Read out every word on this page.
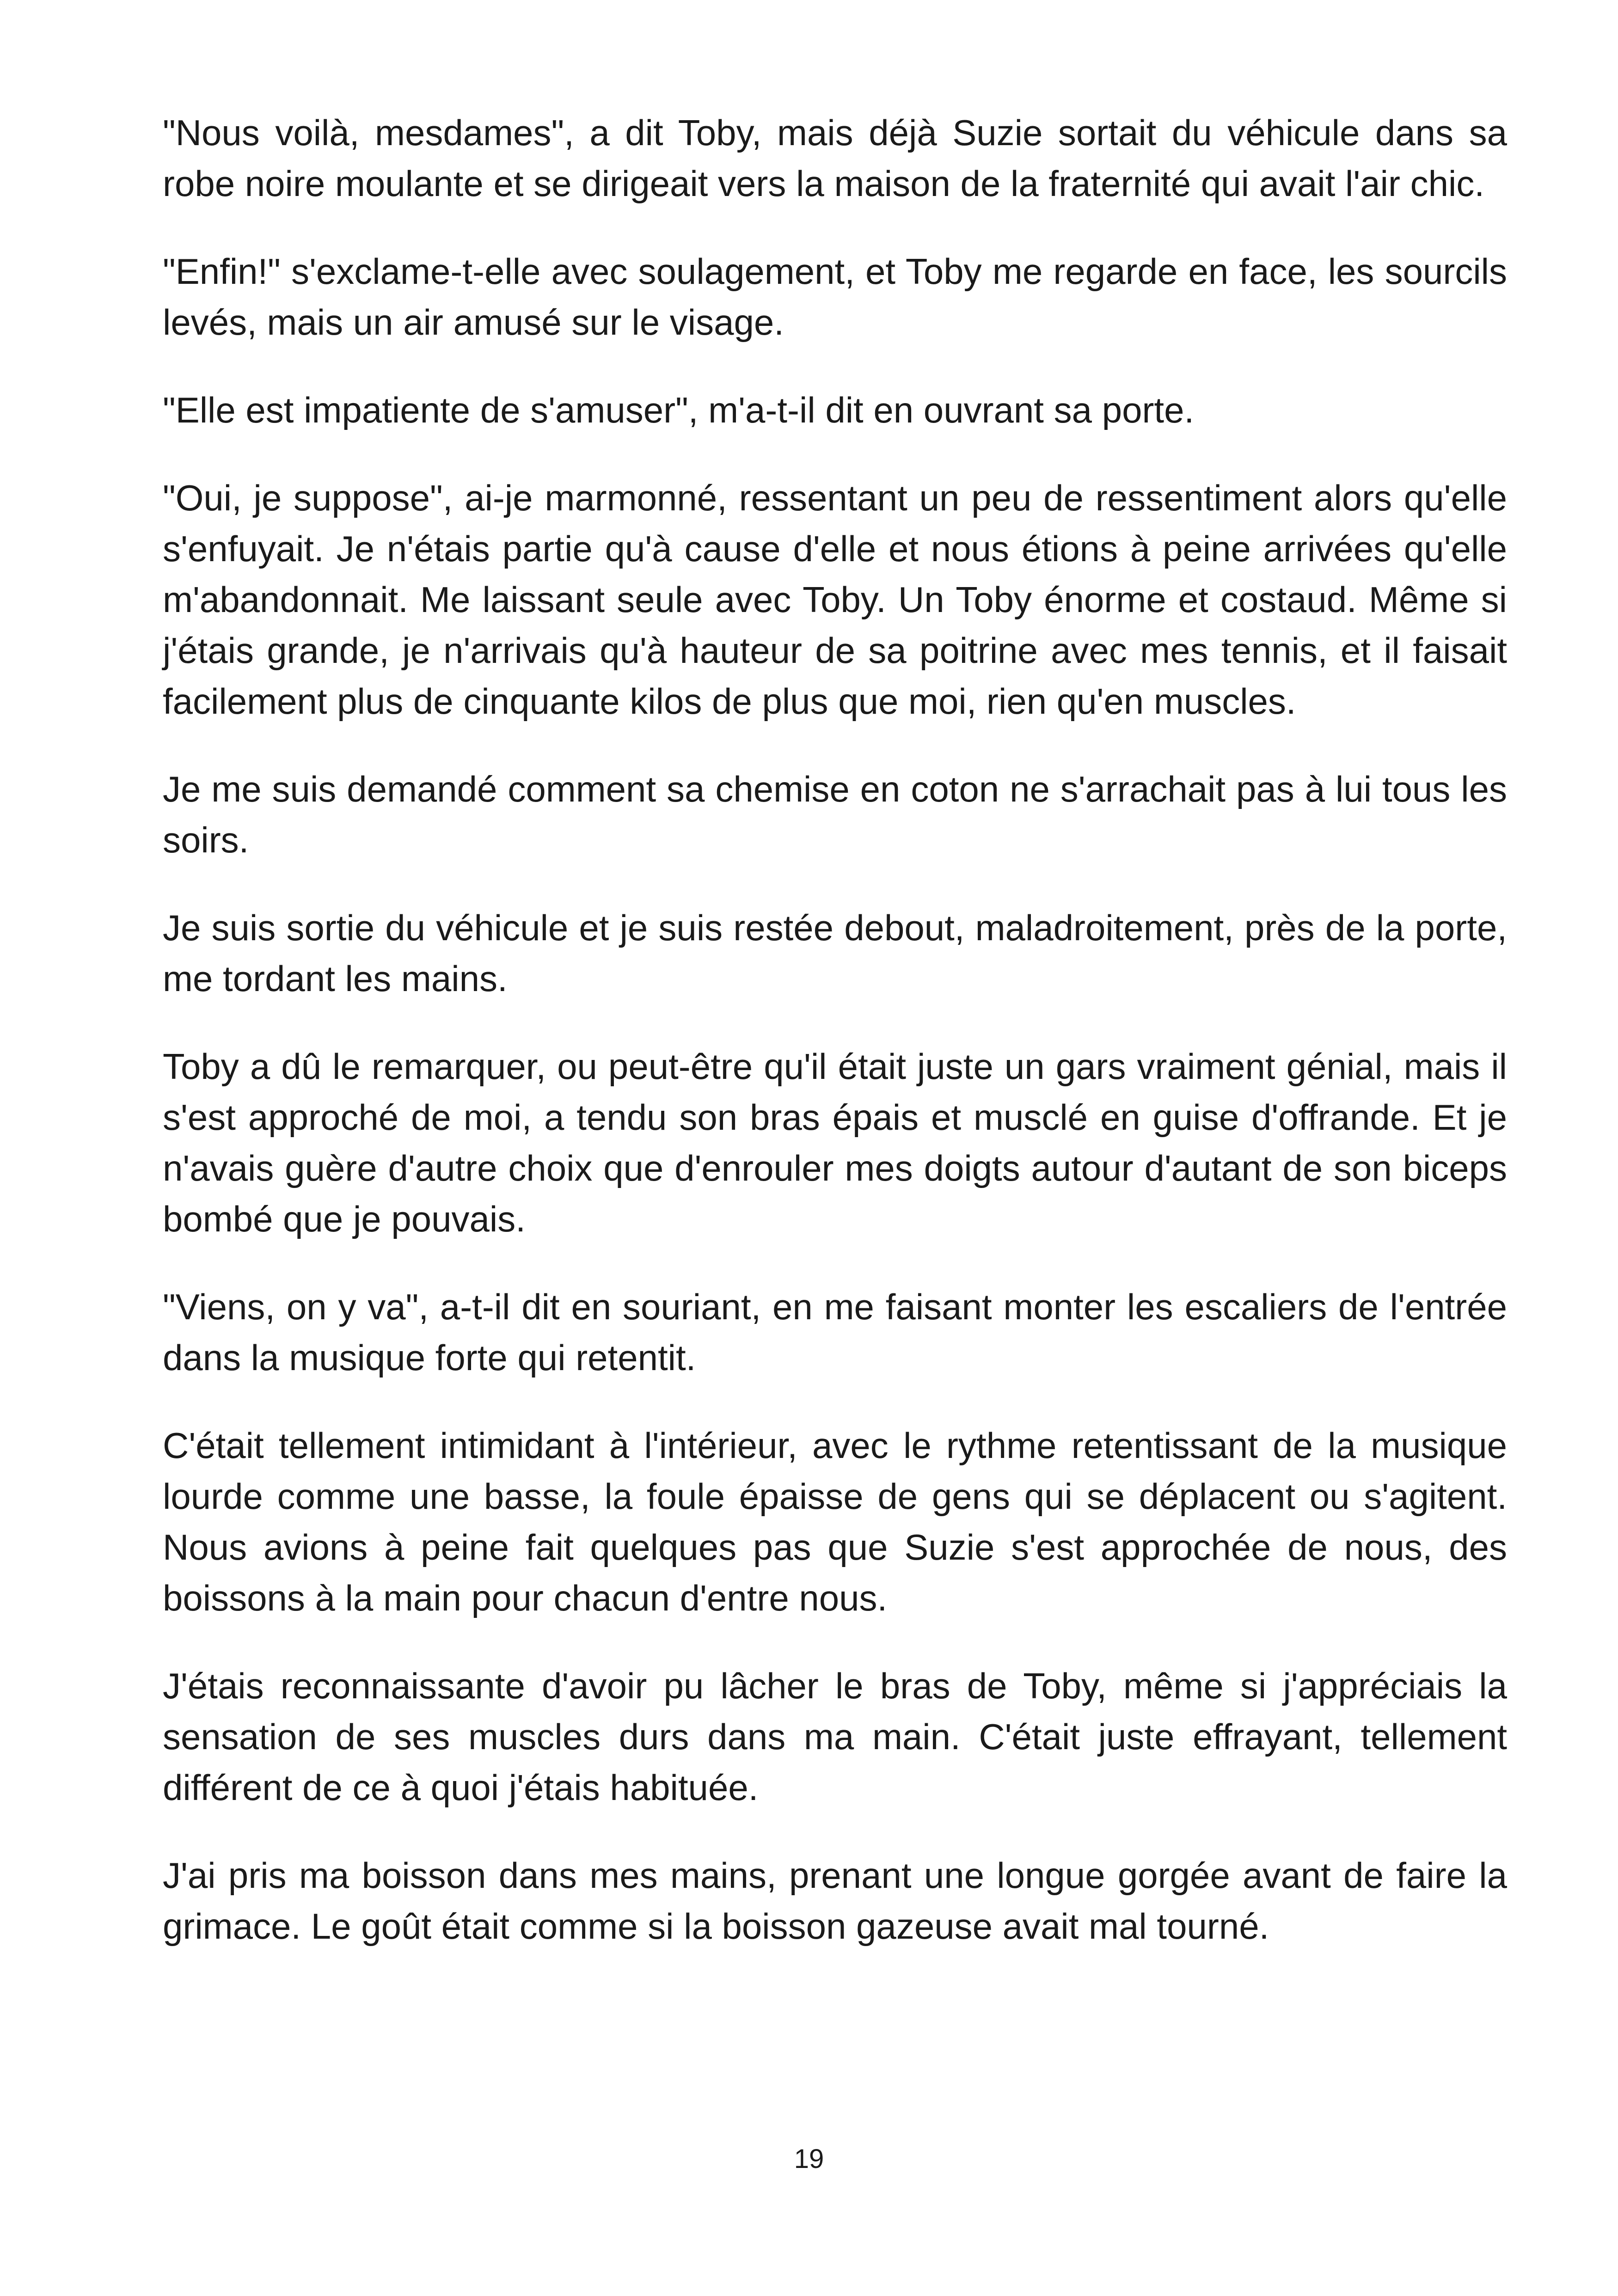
"Nous voilà, mesdames", a dit Toby, mais déjà Suzie sortait du véhicule dans sa robe noire moulante et se dirigeait vers la maison de la fraternité qui avait l'air chic.

"Enfin!" s'exclame-t-elle avec soulagement, et Toby me regarde en face, les sourcils levés, mais un air amusé sur le visage.

"Elle est impatiente de s'amuser", m'a-t-il dit en ouvrant sa porte.

"Oui, je suppose", ai-je marmonné, ressentant un peu de ressentiment alors qu'elle s'enfuyait. Je n'étais partie qu'à cause d'elle et nous étions à peine arrivées qu'elle m'abandonnait. Me laissant seule avec Toby. Un Toby énorme et costaud. Même si j'étais grande, je n'arrivais qu'à hauteur de sa poitrine avec mes tennis, et il faisait facilement plus de cinquante kilos de plus que moi, rien qu'en muscles.

Je me suis demandé comment sa chemise en coton ne s'arrachait pas à lui tous les soirs.

Je suis sortie du véhicule et je suis restée debout, maladroitement, près de la porte, me tordant les mains.

Toby a dû le remarquer, ou peut-être qu'il était juste un gars vraiment génial, mais il s'est approché de moi, a tendu son bras épais et musclé en guise d'offrande. Et je n'avais guère d'autre choix que d'enrouler mes doigts autour d'autant de son biceps bombé que je pouvais.

"Viens, on y va", a-t-il dit en souriant, en me faisant monter les escaliers de l'entrée dans la musique forte qui retentit.

C'était tellement intimidant à l'intérieur, avec le rythme retentissant de la musique lourde comme une basse, la foule épaisse de gens qui se déplacent ou s'agitent. Nous avions à peine fait quelques pas que Suzie s'est approchée de nous, des boissons à la main pour chacun d'entre nous.

J'étais reconnaissante d'avoir pu lâcher le bras de Toby, même si j'appréciais la sensation de ses muscles durs dans ma main. C'était juste effrayant, tellement différent de ce à quoi j'étais habituée.

J'ai pris ma boisson dans mes mains, prenant une longue gorgée avant de faire la grimace. Le goût était comme si la boisson gazeuse avait mal tourné.

19
